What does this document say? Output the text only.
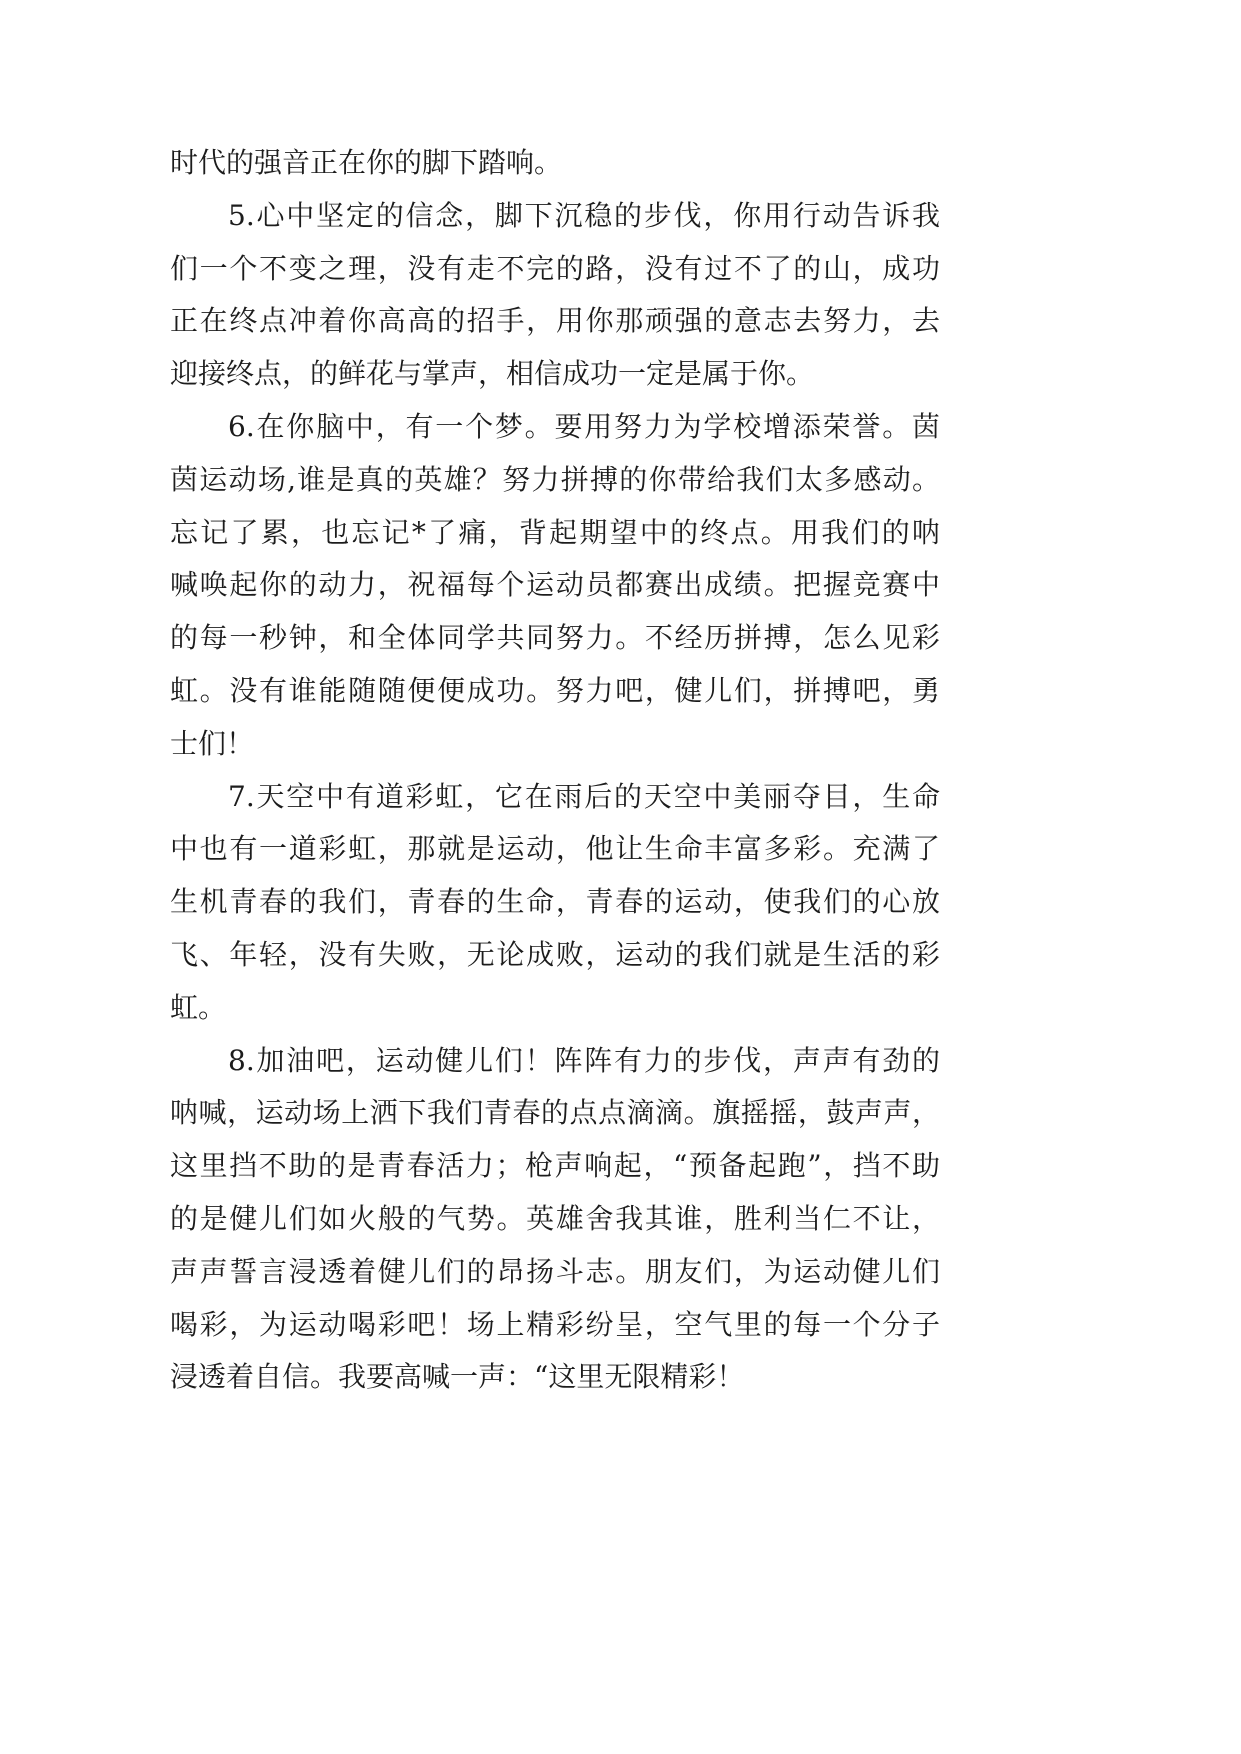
时代的强音正在你的脚下踏响。
5.心中坚定的信念，脚下沉稳的步伐，你用行动告诉我
们一个不变之理，没有走不完的路，没有过不了的山，成功
正在终点冲着你高高的招手，用你那顽强的意志去努力，去
迎接终点，的鲜花与掌声，相信成功一定是属于你。
6.在你脑中，有一个梦。要用努力为学校增添荣誉。茵
茵运动场,谁是真的英雄？努力拼搏的你带给我们太多感动。
忘记了累，也忘记*了痛，背起期望中的终点。用我们的呐
喊唤起你的动力，祝福每个运动员都赛出成绩。把握竞赛中
的每一秒钟，和全体同学共同努力。不经历拼搏，怎么见彩
虹。没有谁能随随便便成功。努力吧，健儿们，拼搏吧，勇
士们！
7.天空中有道彩虹，它在雨后的天空中美丽夺目，生命
中也有一道彩虹，那就是运动，他让生命丰富多彩。充满了
生机青春的我们，青春的生命，青春的运动，使我们的心放
飞、年轻，没有失败，无论成败，运动的我们就是生活的彩
虹。
8.加油吧，运动健儿们！阵阵有力的步伐，声声有劲的
呐喊，运动场上洒下我们青春的点点滴滴。旗摇摇，鼓声声，
这里挡不助的是青春活力；枪声响起，“预备起跑”，挡不助
的是健儿们如火般的气势。英雄舍我其谁，胜利当仁不让，
声声誓言浸透着健儿们的昂扬斗志。朋友们，为运动健儿们
喝彩，为运动喝彩吧！场上精彩纷呈，空气里的每一个分子
浸透着自信。我要高喊一声：“这里无限精彩！
